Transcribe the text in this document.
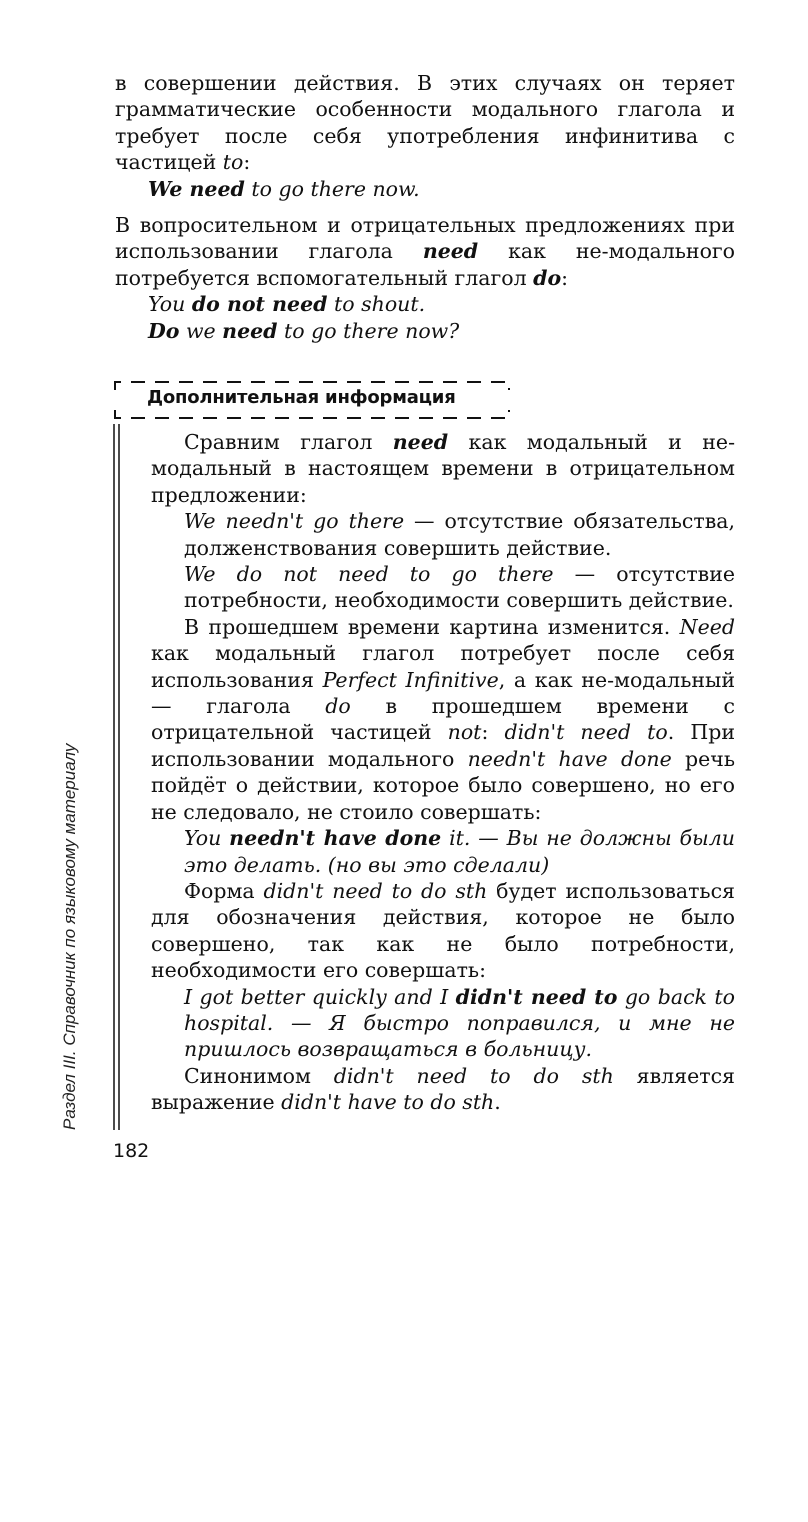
в совершении действия. В этих случаях он теряет грамматические особенности модального глагола и требует после себя употребления инфинитива с частицей to:

We need to go there now.

В вопросительном и отрицательных предложениях при использовании глагола need как не-модального потребуется вспомогательный глагол do:

You do not need to shout.

Do we need to go there now?

Дополнительная информация

Сравним глагол need как модальный и не-модальный в настоящем времени в отрицательном предложении:

We needn't go there — отсутствие обязательства, долженствования совершить действие.

We do not need to go there — отсутствие потребности, необходимости совершить действие.

В прошедшем времени картина изменится. Need как модальный глагол потребует после себя использования Perfect Infinitive, а как не-модальный — глагола do в прошедшем времени с отрицательной частицей not: didn't need to. При использовании модального needn't have done речь пойдёт о действии, которое было совершено, но его не следовало, не стоило совершать:

You needn't have done it. — Вы не должны были это делать. (но вы это сделали)

Форма didn't need to do sth будет использоваться для обозначения действия, которое не было совершено, так как не было потребности, необходимости его совершать:

I got better quickly and I didn't need to go back to hospital. — Я быстро поправился, и мне не пришлось возвращаться в больницу.

Синонимом didn't need to do sth является выражение didn't have to do sth.

Раздел III. Справочник по языковому материалу
182
